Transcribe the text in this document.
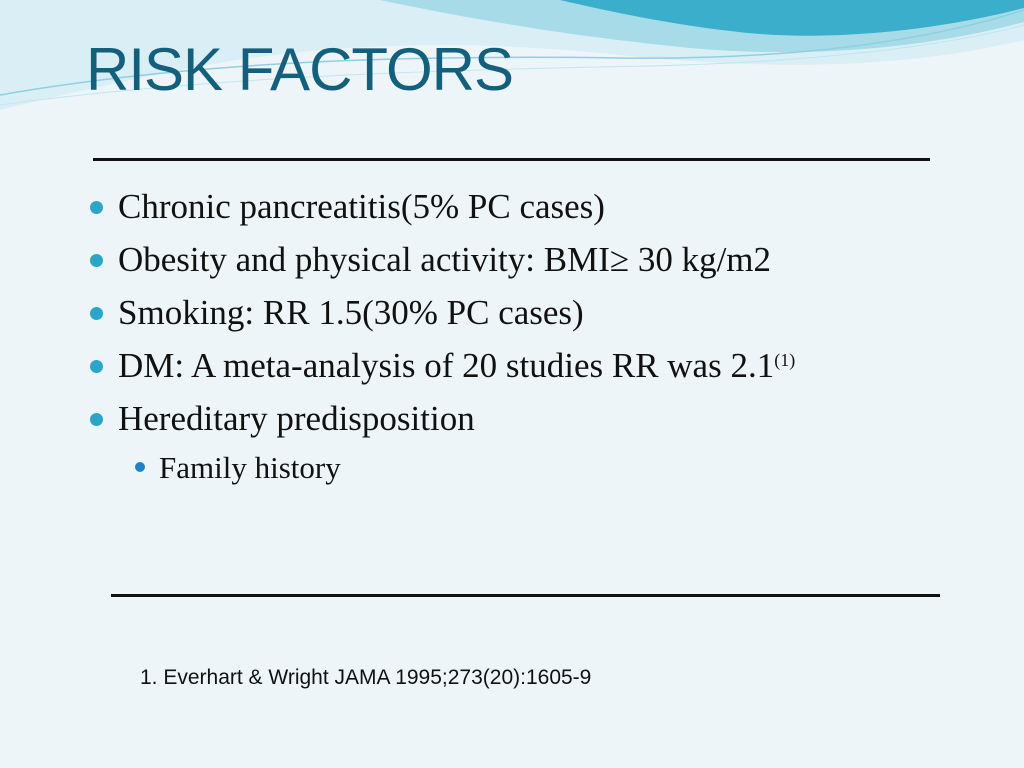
RISK FACTORS
Chronic pancreatitis(5% PC cases)
Obesity and physical activity: BMI≥ 30 kg/m2
Smoking: RR 1.5(30% PC cases)
DM: A meta-analysis of 20 studies RR was 2.1$^{(1)}$
Hereditary predisposition
Family history
1. Everhart & Wright JAMA 1995;273(20):1605-9
